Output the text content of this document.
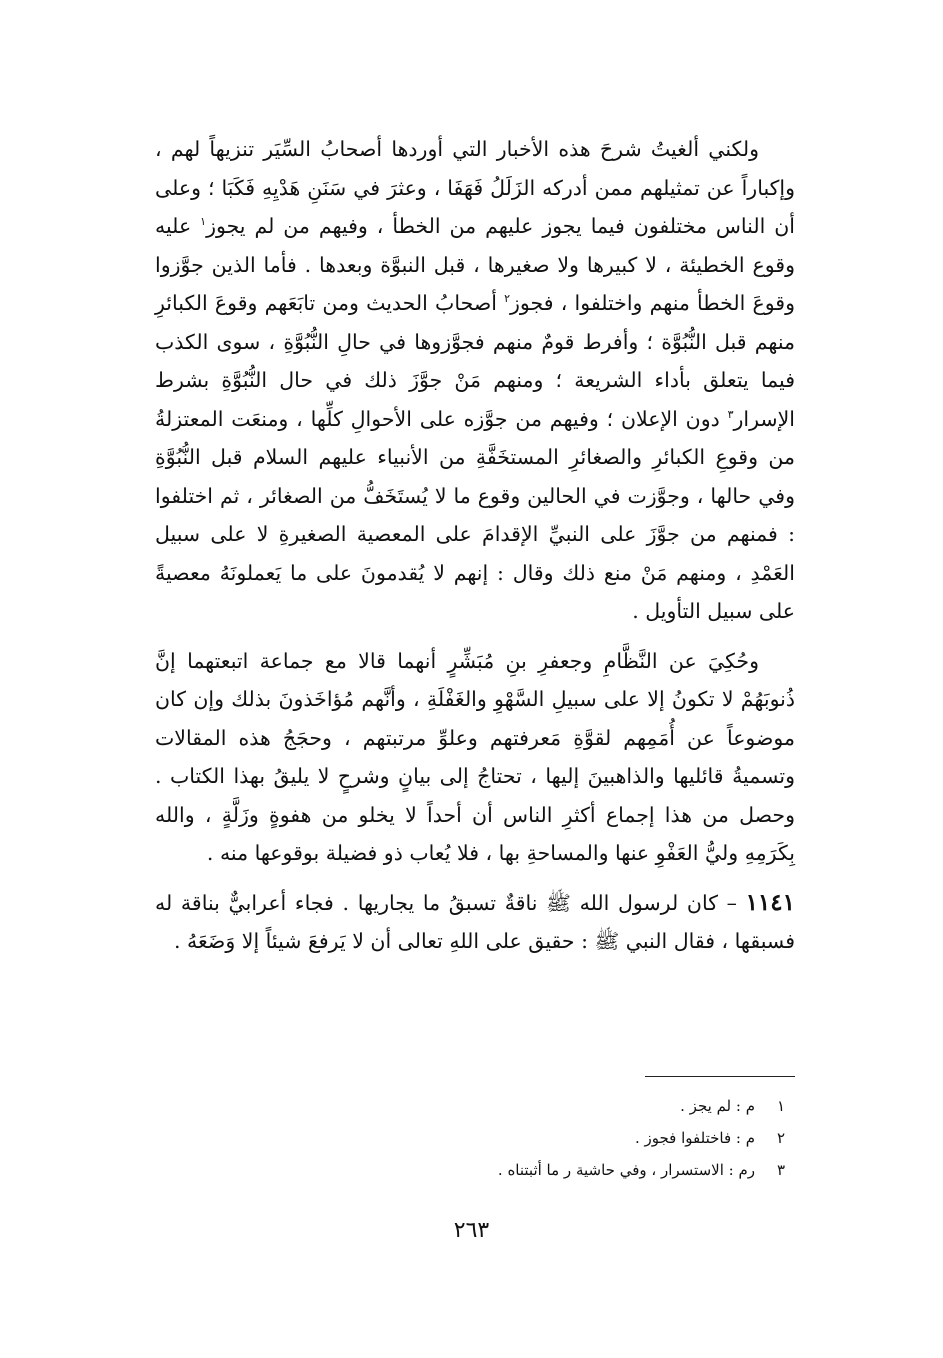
ولكني ألغيتُ شرحَ هذه الأخبار التي أوردها أصحابُ السِّيَر تنزيهاً لهم ، وإكباراً عن تمثيلهم ممن أدركه الزَلَلُ فَهَفَا ، وعثرَ في سَنَنِ هَدْيِهِ فَكَبَا ؛ وعلى أن الناس مختلفون فيما يجوز عليهم من الخطأ ، وفيهم من لم يجوز$^١$ عليه وقوع الخطيئة ، لا كبيرها ولا صغيرها ، قبل النبوَّة وبعدها . فأما الذين جوَّزوا وقوعَ الخطأ منهم واختلفوا ، فجوز$^٢$ أصحابُ الحديث ومن تابَعَهم وقوعَ الكبائرِ منهم قبل النُّبُوَّة ؛ وأفرط قومٌ منهم فجوَّزوها في حالِ النُّبُوَّةِ ، سوى الكذب فيما يتعلق بأداء الشريعة ؛ ومنهم مَنْ جوَّزَ ذلك في حال النُّبُوَّةِ بشرط الإسرار$^٣$ دون الإعلان ؛ وفيهم من جوَّزه على الأحوالِ كلِّها ، ومنعَت المعتزلةُ من وقوعِ الكبائرِ والصغائرِ المستخَفَّةِ من الأنبياء عليهم السلام قبل النُّبُوَّةِ وفي حالها ، وجوَّزت في الحالين وقوع ما لا يُستَخَفُّ من الصغائر ، ثم اختلفوا : فمنهم من جوَّزَ على النبيِّ الإقدامَ على المعصية الصغيرةِ لا على سبيل العَمْدِ ، ومنهم مَنْ منع ذلك وقال : إنهم لا يُقدمونَ على ما يَعملونَهُ معصيةً على سبيل التأويل .

وحُكِيَ عن النَّظَّامِ وجعفرِ بنِ مُبَشِّرٍ أنهما قالا مع جماعة اتبعتهما إنَّ ذُنوبَهُمْ لا تكونُ إلا على سبيلِ السَّهْوِ والغَفْلَةِ ، وأنَّهم مُؤاخَذونَ بذلك وإن كان موضوعاً عن أُمَمِهم لقوَّةِ مَعرفتهم وعلوِّ مرتبتهم ، وحجَجُ هذه المقالات وتسميةُ قائليها والذاهبينَ إليها ، تحتاجُ إلى بيانٍ وشرحٍ لا يليقُ بهذا الكتاب . وحصل من هذا إجماع أكثرِ الناس أن أحداً لا يخلو من هفوةٍ وزَلَّةٍ ، والله بِكَرَمِهِ وليُّ العَفْوِ عنها والمساحةِ بها ، فلا يُعاب ذو فضيلة بوقوعها منه .

١١٤١ – كان لرسول الله ﷺ ناقةٌ تسبقُ ما يجاريها . فجاء أعرابيٌّ بناقة له فسبقها ، فقال النبي ﷺ : حقيق على اللهِ تعالى أن لا يَرفعَ شيئاً إلا وَضَعَهُ .

١
م : لم يجز .
٢
م : فاختلفوا فجوز .
٣
رم : الاستسرار ، وفي حاشية ر ما أثبتناه .
٢٦٣
